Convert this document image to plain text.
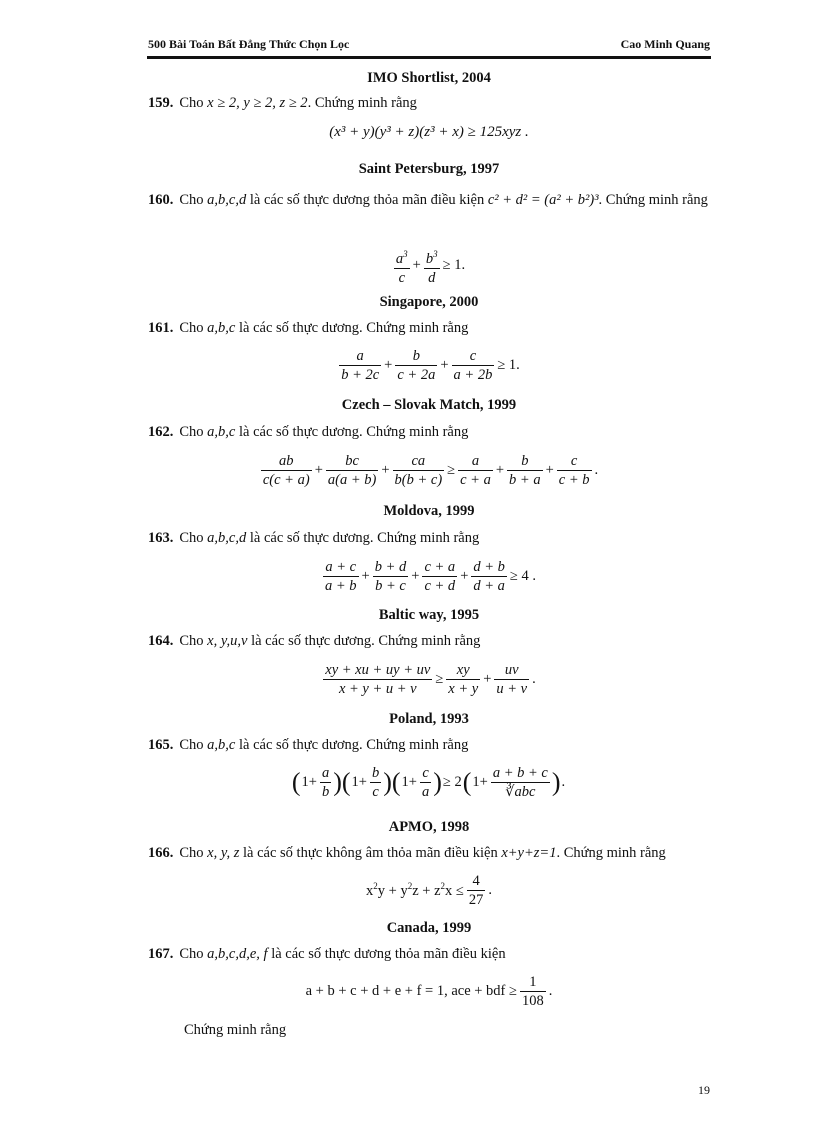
500 Bài Toán Bất Đẳng Thức Chọn Lọc	Cao Minh Quang
IMO Shortlist, 2004
159. Cho x ≥ 2, y ≥ 2, z ≥ 2. Chứng minh rằng
(x³ + y)(y³ + z)(z³ + x) ≥ 125xyz .
Saint Petersburg, 1997
160. Cho a,b,c,d là các số thực dương thỏa mãn điều kiện c² + d² = (a² + b²)³. Chứng minh rằng
$\frac{a^3}{c} + \frac{b^3}{d} \ge 1$.
Singapore, 2000
161. Cho a,b,c là các số thực dương. Chứng minh rằng
$\frac{a}{b + 2c} + \frac{b}{c + 2a} + \frac{c}{a + 2b} \ge 1$.
Czech – Slovak Match, 1999
162. Cho a,b,c là các số thực dương. Chứng minh rằng
$\frac{ab}{c(c + a)} + \frac{bc}{a(a + b)} + \frac{ca}{b(b + c)} \ge \frac{a}{c + a} + \frac{b}{b + a} + \frac{c}{c + b}$ .
Moldova, 1999
163. Cho a,b,c,d là các số thực dương. Chứng minh rằng
$\frac{a + c}{a + b} + \frac{b + d}{b + c} + \frac{c + a}{c + d} + \frac{d + b}{d + a} \ge 4$ .
Baltic way, 1995
164. Cho x, y,u,v là các số thực dương. Chứng minh rằng
$\frac{xy + xu + uy + uv}{x + y + u + v} \ge \frac{xy}{x + y} + \frac{uv}{u + v}$ .
Poland, 1993
165. Cho a,b,c là các số thực dương. Chứng minh rằng
$(1+ \frac{a}{b} )(1+ \frac{b}{c} )(1+ \frac{c}{a}$ )≥ $2(1+ \frac{a + b + c}{\text{∛abc}}$ ).
APMO, 1998
166. Cho x, y, z là các số thực không âm thỏa mãn điều kiện x+y+z=1. Chứng minh rằng
$x^2y + y^2z + z^2x \le \frac{4}{27}$ .
Canada, 1999
167. Cho a,b,c,d,e, f là các số thực dương thỏa mãn điều kiện
a + b + c + d + e + f = 1, ace + bdf ≥ $\frac{1}{108}$ .
Chứng minh rằng
19
